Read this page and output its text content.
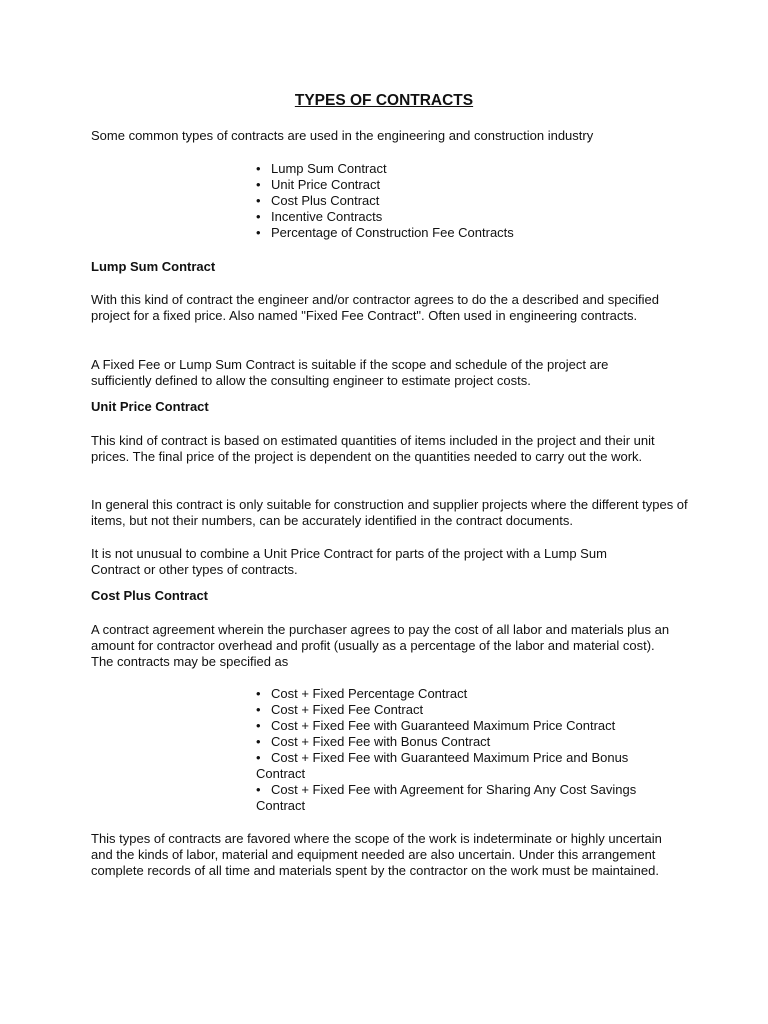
TYPES OF CONTRACTS

Some common types of contracts are used in the engineering and construction industry

• Lump Sum Contract
• Unit Price Contract
• Cost Plus Contract
• Incentive Contracts
• Percentage of Construction Fee Contracts
Lump Sum Contract

With this kind of contract the engineer and/or contractor agrees to do the a described and specified project for a fixed price. Also named "Fixed Fee Contract". Often used in engineering contracts.

A Fixed Fee or Lump Sum Contract is suitable if the scope and schedule of the project are sufficiently defined to allow the consulting engineer to estimate project costs.

Unit Price Contract

This kind of contract is based on estimated quantities of items included in the project and their unit prices. The final price of the project is dependent on the quantities needed to carry out the work.

In general this contract is only suitable for construction and supplier projects where the different types of items, but not their numbers, can be accurately identified in the contract documents.

It is not unusual to combine a Unit Price Contract for parts of the project with a Lump Sum Contract or other types of contracts.

Cost Plus Contract

A contract agreement wherein the purchaser agrees to pay the cost of all labor and materials plus an amount for contractor overhead and profit (usually as a percentage of the labor and material cost). The contracts may be specified as

• Cost + Fixed Percentage Contract
• Cost + Fixed Fee Contract
• Cost + Fixed Fee with Guaranteed Maximum Price Contract
• Cost + Fixed Fee with Bonus Contract
• Cost + Fixed Fee with Guaranteed Maximum Price and Bonus Contract
• Cost + Fixed Fee with Agreement for Sharing Any Cost Savings Contract

This types of contracts are favored where the scope of the work is indeterminate or highly uncertain and the kinds of labor, material and equipment needed are also uncertain. Under this arrangement complete records of all time and materials spent by the contractor on the work must be maintained.
